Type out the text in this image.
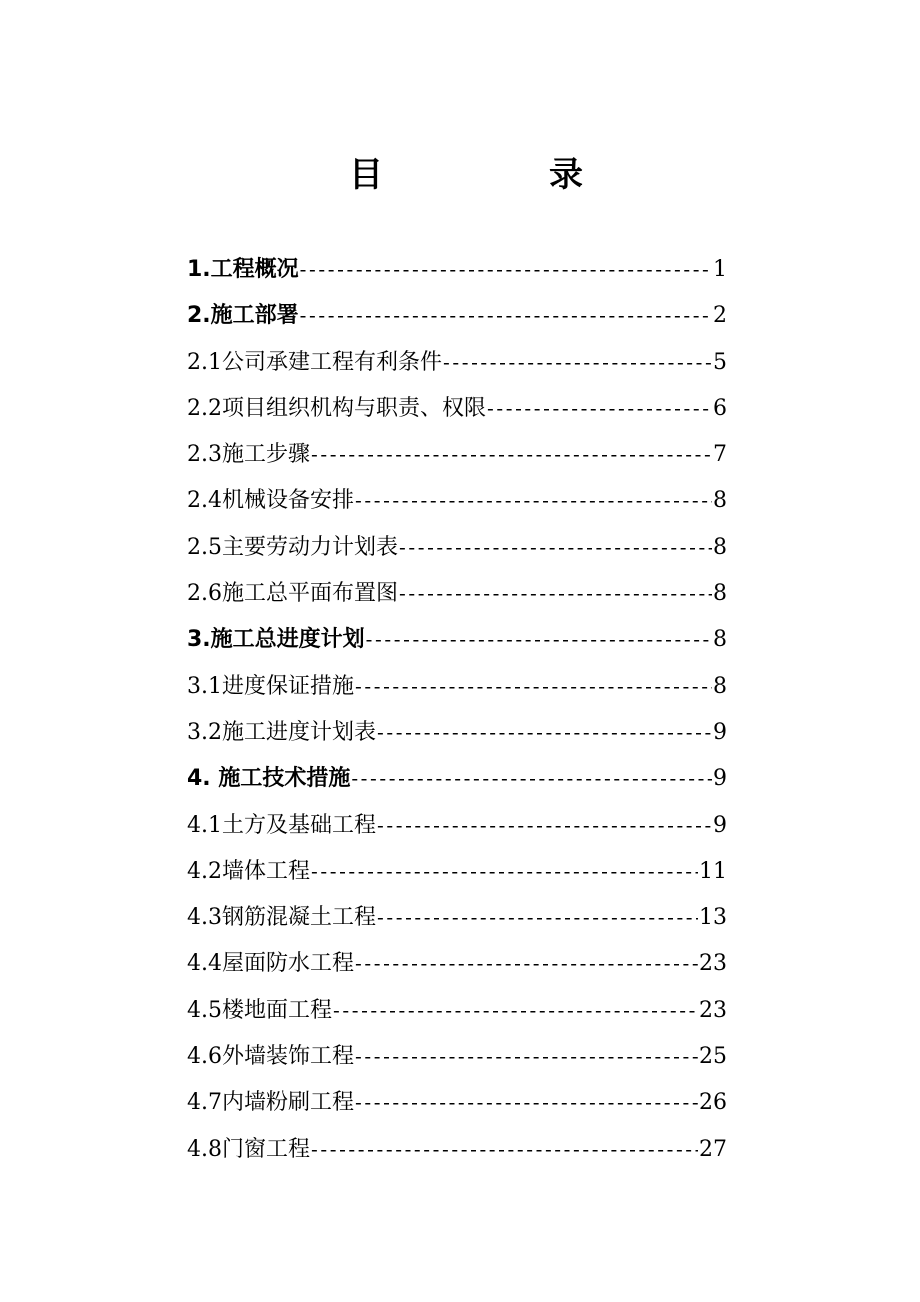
目	录
1.工程概况 -----	1
2.施工部署 -----	2
2.1公司承建工程有利条件 -----	5
2.2项目组织机构与职责、权限 -----	6
2.3施工步骤 -----	7
2.4机械设备安排 -----	8
2.5主要劳动力计划表 -----	8
2.6施工总平面布置图 -----	8
3.施工总进度计划 -----	8
3.1进度保证措施 -----	8
3.2施工进度计划表 -----	9
4. 施工技术措施 -----	9
4.1土方及基础工程 -----	9
4.2墙体工程 -----	11
4.3钢筋混凝土工程 -----	13
4.4屋面防水工程 -----	23
4.5楼地面工程 -----	23
4.6外墙装饰工程 -----	25
4.7内墙粉刷工程 -----	26
4.8门窗工程 -----	27
